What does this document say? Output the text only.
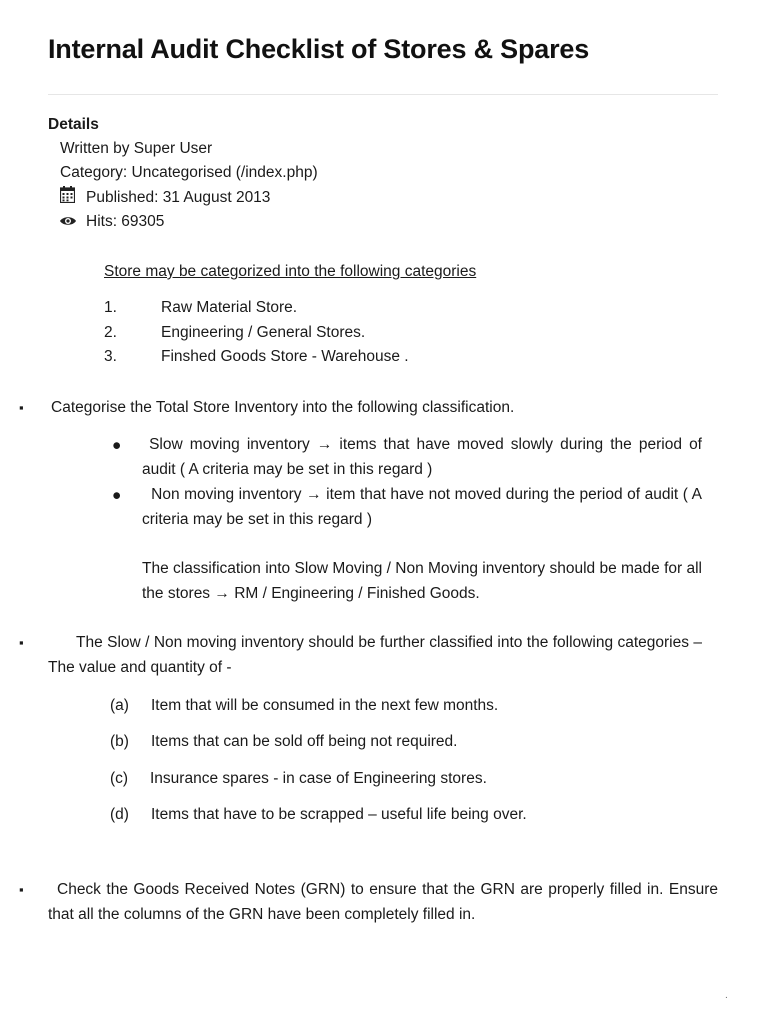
Internal Audit Checklist of Stores & Spares
Details
Written by Super User
Category: Uncategorised (/index.php)
Published: 31 August 2013
Hits: 69305
Store may be categorized into the following categories
1.	Raw Material Store.
2.	Engineering / General Stores.
3.	Finshed Goods Store - Warehouse .
▪ Categorise the Total Store Inventory into the following classification.
●	Slow moving inventory → items that have moved slowly during the period of audit ( A criteria may be set in this regard )
●	Non moving inventory → item that have not moved during the period of audit ( A criteria may be set in this regard )
The classification into Slow Moving / Non Moving inventory should be made for all the stores → RM / Engineering / Finished Goods.
▪	The Slow / Non moving inventory should be further classified into the following categories – The value and quantity of -
(a) Item that will be consumed in the next few months.
(b) Items that can be sold off being not required.
(c) Insurance spares - in case of Engineering stores.
(d) Items that have to be scrapped – useful life being over.
▪	Check the Goods Received Notes (GRN) to ensure that the GRN are properly filled in. Ensure that all the columns of the GRN have been completely filled in.
.
